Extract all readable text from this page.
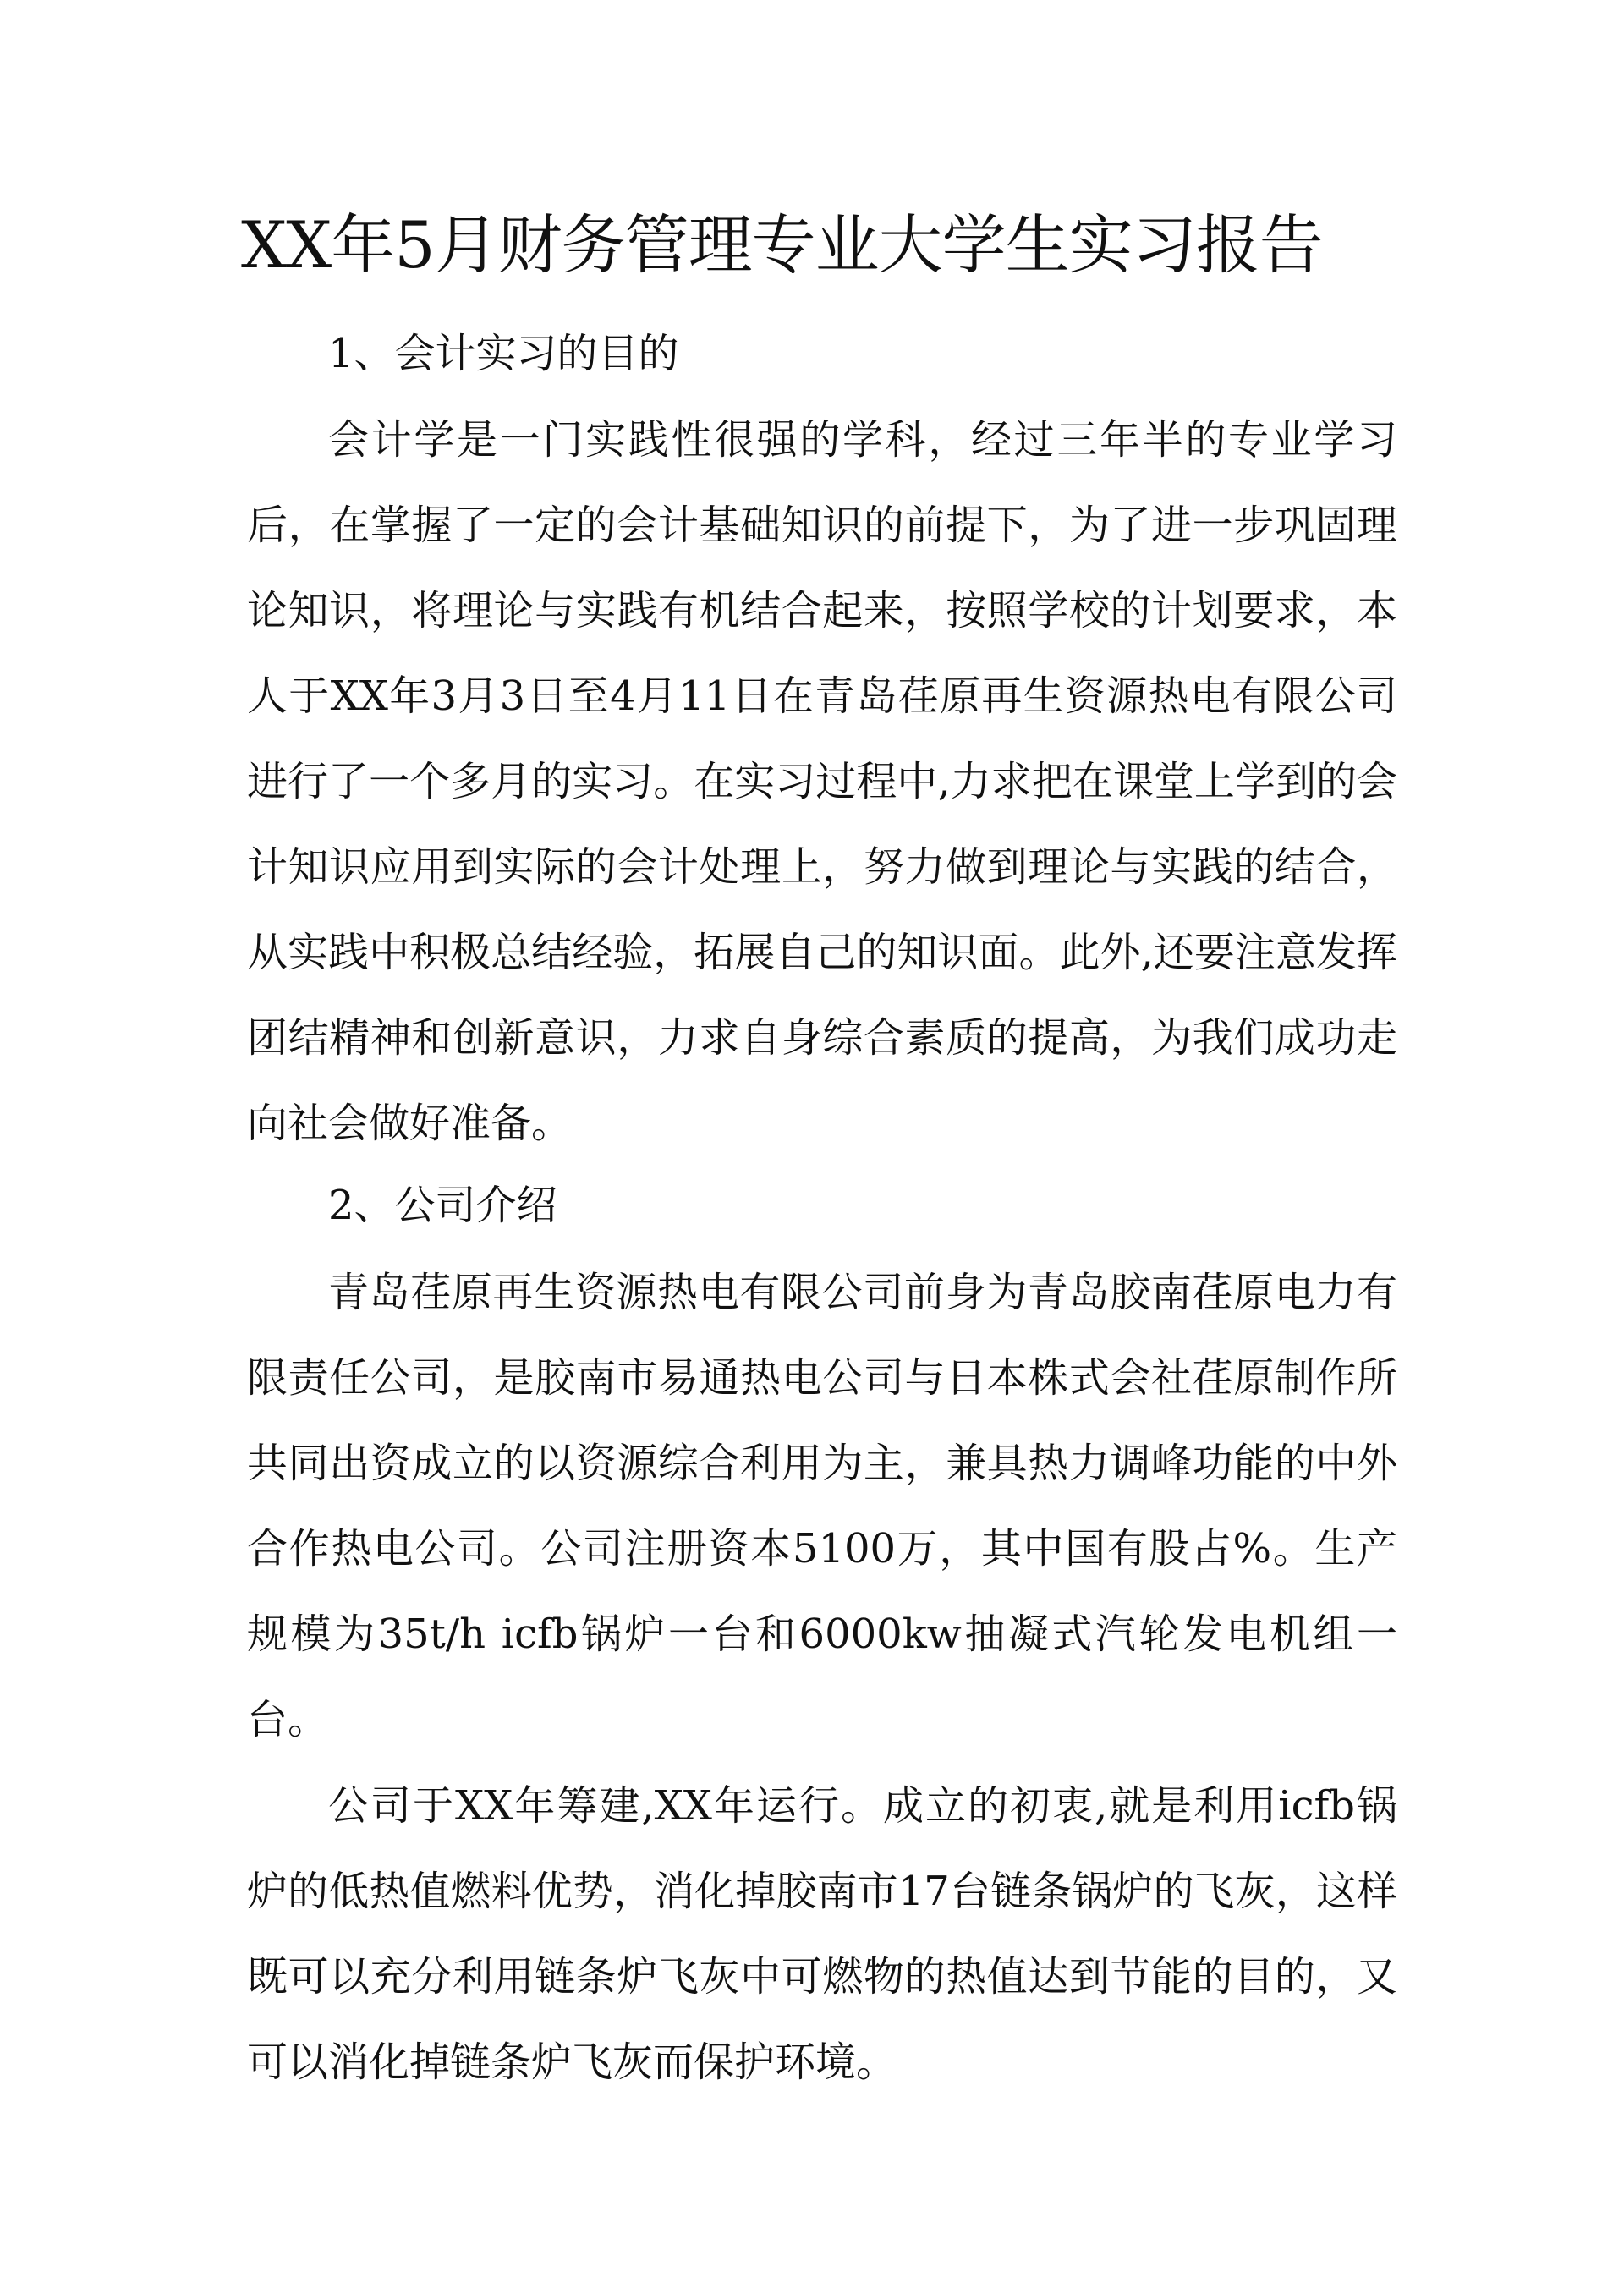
XX年5月财务管理专业大学生实习报告

1、会计实习的目的

会计学是一门实践性很强的学科，经过三年半的专业学习后，在掌握了一定的会计基础知识的前提下，为了进一步巩固理论知识，将理论与实践有机结合起来，按照学校的计划要求，本人于XX年3月3日至4月11日在青岛荏原再生资源热电有限公司进行了一个多月的实习。在实习过程中,力求把在课堂上学到的会计知识应用到实际的会计处理上，努力做到理论与实践的结合，从实践中积极总结经验，拓展自己的知识面。此外,还要注意发挥团结精神和创新意识，力求自身综合素质的提高，为我们成功走向社会做好准备。

2、公司介绍

青岛荏原再生资源热电有限公司前身为青岛胶南荏原电力有限责任公司，是胶南市易通热电公司与日本株式会社荏原制作所共同出资成立的以资源综合利用为主，兼具热力调峰功能的中外合作热电公司。公司注册资本5100万，其中国有股占%。生产规模为35t/h icfb锅炉一台和6000kw抽凝式汽轮发电机组一台。

公司于XX年筹建,XX年运行。成立的初衷,就是利用icfb锅炉的低热值燃料优势，消化掉胶南市17台链条锅炉的飞灰，这样既可以充分利用链条炉飞灰中可燃物的热值达到节能的目的，又可以消化掉链条炉飞灰而保护环境。
